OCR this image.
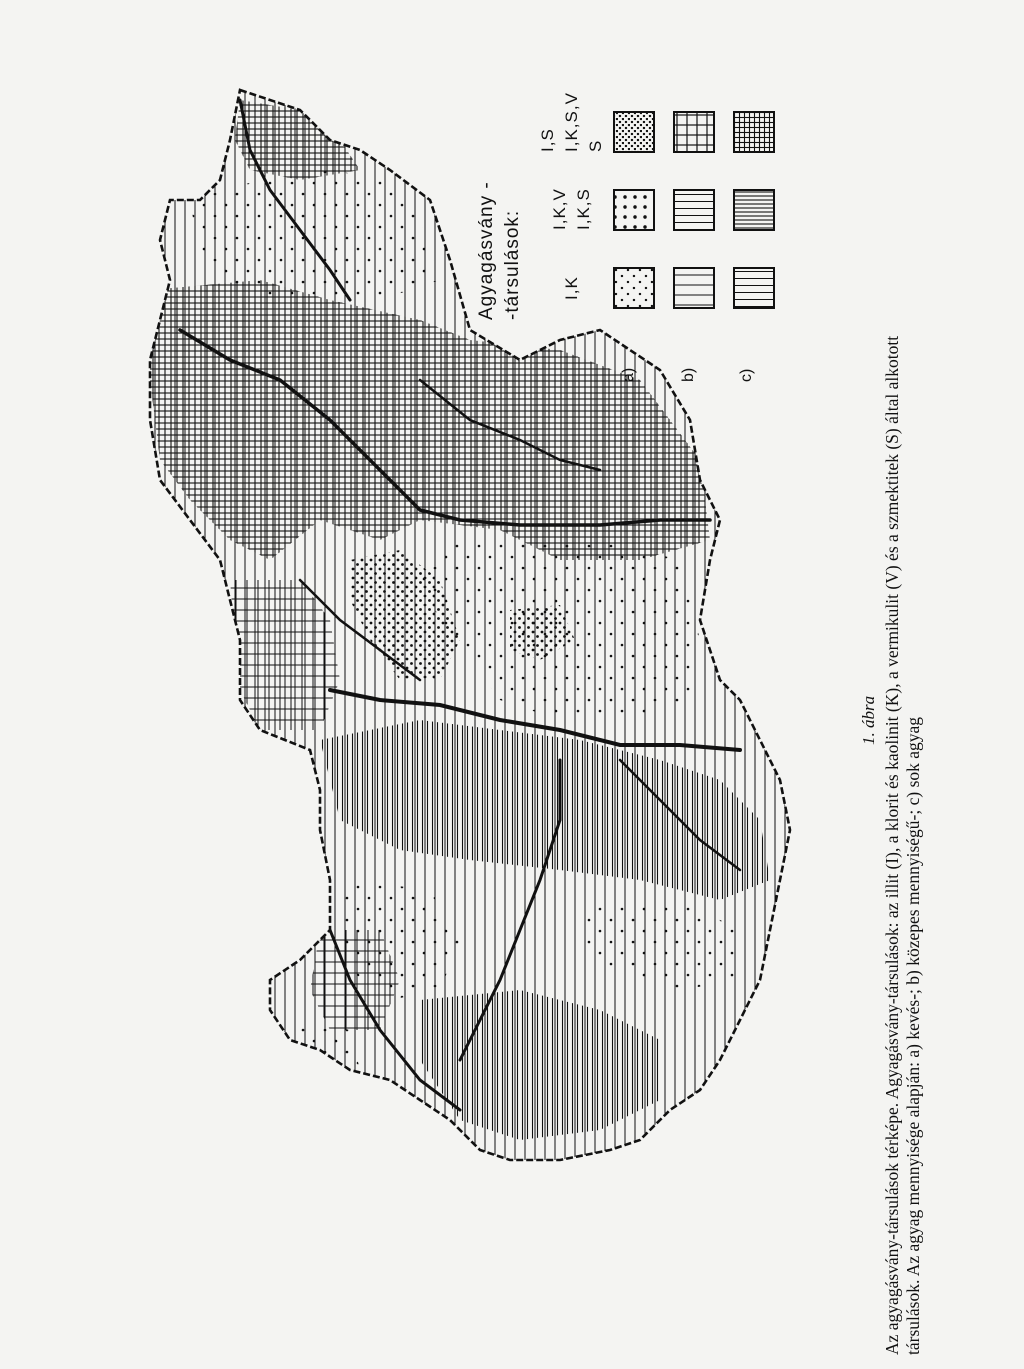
Agyagásvány - -társulások: I,K
I,K,V I,K,S
I,S I,K,S,V S
a)	b)	c)
1. ábra Az agyagásvány-társulások térképe. Agyagásvány-társulások: az illit (I), a klorit és kaolinit (K), a vermikulit (V) és a szmektitek (S) által alkotott társulások. Az agyag mennyisége alapján: a) kevés-; b) közepes mennyiségű-; c) sok agyag
